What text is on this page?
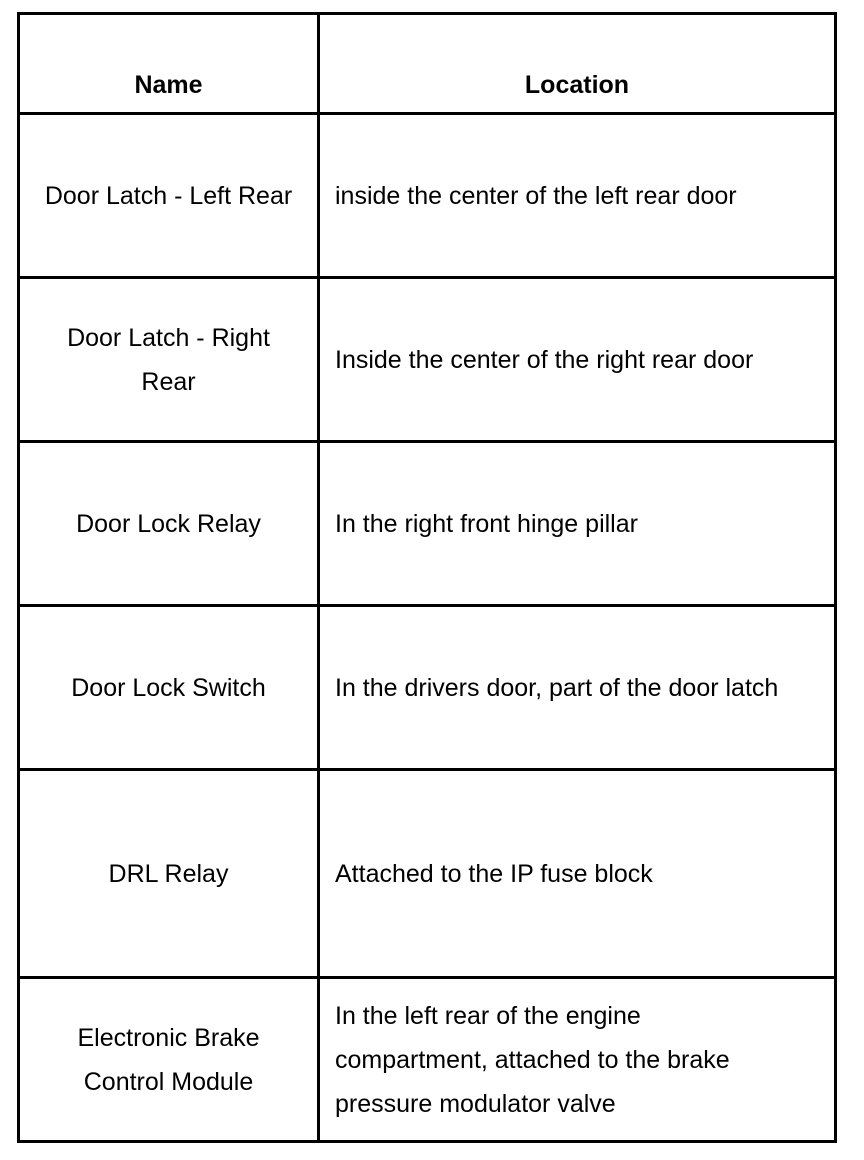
Name	Location
Door Latch - Left Rear	inside the center of the left rear door
Door Latch - Right Rear	Inside the center of the right rear door
Door Lock Relay	In the right front hinge pillar
Door Lock Switch	In the drivers door, part of the door latch
DRL Relay	Attached to the IP fuse block
Electronic Brake Control Module	In the left rear of the engine compartment, attached to the brake pressure modulator valve
